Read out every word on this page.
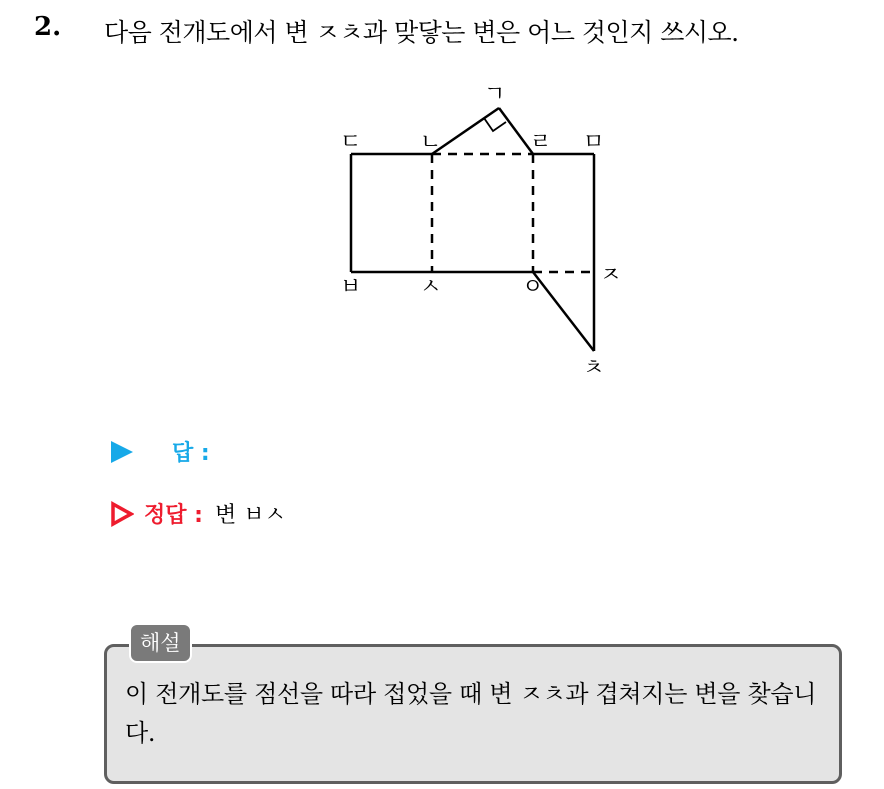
2. 다음 전개도에서 변 ㅈㅊ과 맞닿는 변은 어느 것인지 쓰시오.
ㄱ
ㄷ	ㄴ	ㄹ ㅁ
ㅂ	ㅅ	ㅇ	ㅈ
ㅊ
답 :
정답 : 변 ㅂㅅ
해설
이 전개도를 점선을 따라 접었을 때 변 ㅈㅊ과 겹쳐지는 변을 찾습니다.
